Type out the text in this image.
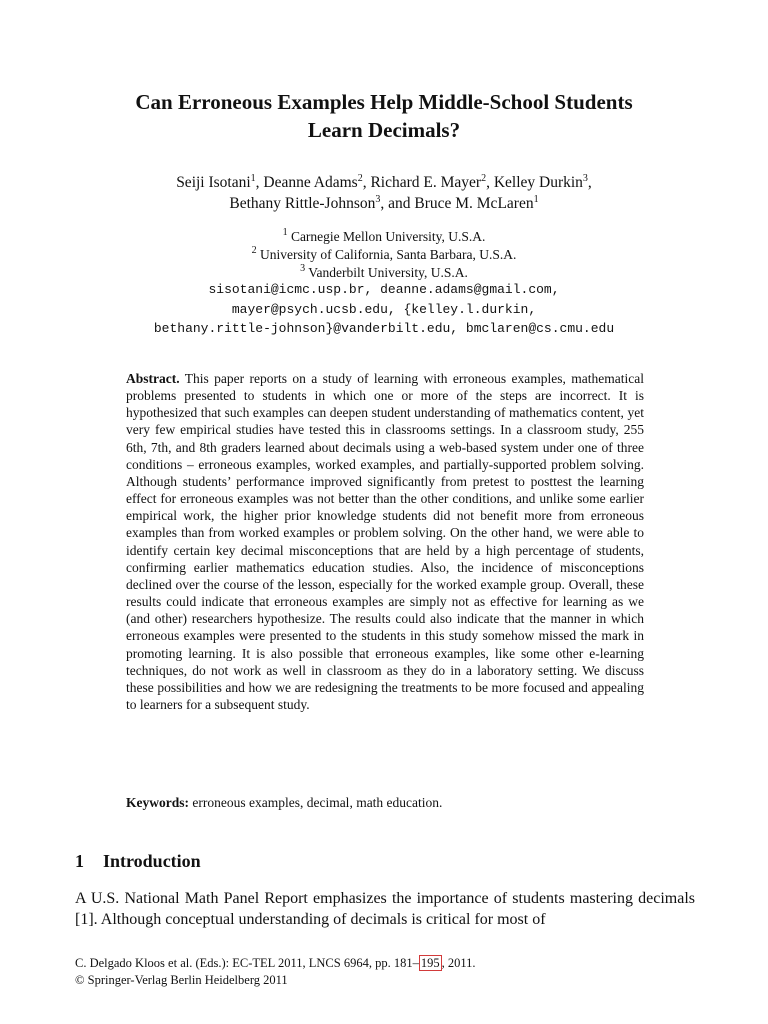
Can Erroneous Examples Help Middle-School Students
Learn Decimals?
Seiji Isotani$^1$, Deanne Adams$^2$, Richard E. Mayer$^2$, Kelley Durkin$^3$,
Bethany Rittle-Johnson$^3$, and Bruce M. McLaren$^1$
$^1$ Carnegie Mellon University, U.S.A.
$^2$ University of California, Santa Barbara, U.S.A.
$^3$ Vanderbilt University, U.S.A.
sisotani@icmc.usp.br, deanne.adams@gmail.com,
mayer@psych.ucsb.edu, {kelley.l.durkin,
bethany.rittle-johnson}@vanderbilt.edu, bmclaren@cs.cmu.edu
Abstract. This paper reports on a study of learning with erroneous examples, mathematical problems presented to students in which one or more of the steps are incorrect. It is hypothesized that such examples can deepen student understanding of mathematics content, yet very few empirical studies have tested this in classrooms settings. In a classroom study, 255 6th, 7th, and 8th graders learned about decimals using a web-based system under one of three conditions – erroneous examples, worked examples, and partially-supported problem solving. Although students’ performance improved significantly from pretest to posttest the learning effect for erroneous examples was not better than the other conditions, and unlike some earlier empirical work, the higher prior knowledge students did not benefit more from erroneous examples than from worked examples or problem solving. On the other hand, we were able to identify certain key decimal misconceptions that are held by a high percentage of students, confirming earlier mathematics education studies. Also, the incidence of misconceptions declined over the course of the lesson, especially for the worked example group. Overall, these results could indicate that erroneous examples are simply not as effective for learning as we (and other) researchers hypothesize. The results could also indicate that the manner in which erroneous examples were presented to the students in this study somehow missed the mark in promoting learning. It is also possible that erroneous examples, like some other e-learning techniques, do not work as well in classroom as they do in a laboratory setting. We discuss these possibilities and how we are redesigning the treatments to be more focused and appealing to learners for a subsequent study.
Keywords: erroneous examples, decimal, math education.
1 Introduction
A U.S. National Math Panel Report emphasizes the importance of students mastering decimals [1]. Although conceptual understanding of decimals is critical for most of
C. Delgado Kloos et al. (Eds.): EC-TEL 2011, LNCS 6964, pp. 181– 195 , 2011.
© Springer-Verlag Berlin Heidelberg 2011
